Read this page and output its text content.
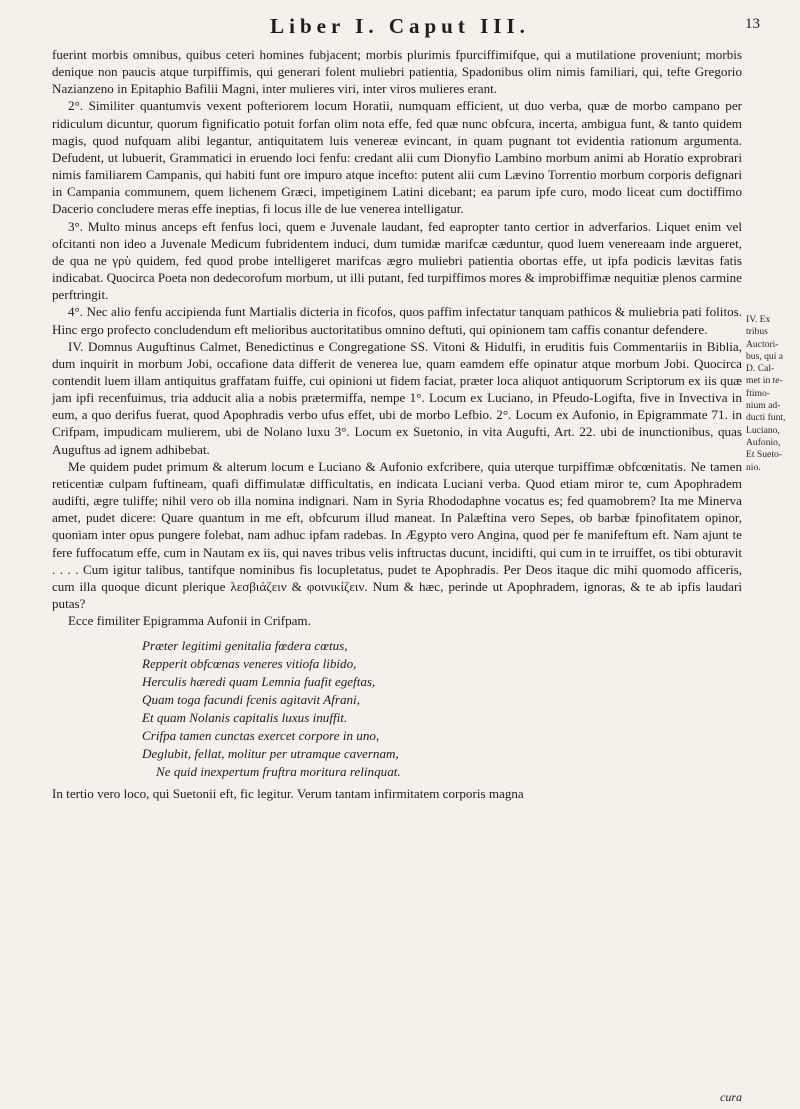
Liber I. Caput III.	13

fuerint morbis omnibus, quibus ceteri homines fubjacent; morbis plurimis fpurciffimifque, qui a mutilatione proveniunt; morbis denique non paucis atque turpiffimis, qui generari folent muliebri patientia, Spadonibus olim nimis familiari, qui, tefte Gregorio Nazianzeno in Epitaphio Bafilii Magni, inter mulieres viri, inter viros mulieres erant.

2°. Similiter quantumvis vexent pofteriorem locum Horatii, numquam efficient, ut duo verba, quæ de morbo campano per ridiculum dicuntur, quorum fignificatio potuit forfan olim nota effe, fed quæ nunc obfcura, incerta, ambigua funt, & tanto quidem magis, quod nufquam alibi legantur, antiquitatem luis venereæ evincant, in quam pugnant tot evidentia rationum argumenta. Defudent, ut lubuerit, Grammatici in eruendo loci fenfu: credant alii cum Dionyfio Lambino morbum animi ab Horatio exprobrari nimis familiarem Campanis, qui habiti funt ore impuro atque incefto: putent alii cum Lævino Torrentio morbum corporis defignari in Campania communem, quem lichenem Græci, impetiginem Latini dicebant; ea parum ipfe curo, modo liceat cum doctiffimo Dacerio concludere meras effe ineptias, fi locus ille de lue venerea intelligatur.

3°. Multo minus anceps eft fenfus loci, quem e Juvenale laudant, fed eapropter tanto certior in adverfarios. Liquet enim vel ofcitanti non ideo a Juvenale Medicum fubridentem induci, dum tumidæ marifcæ cæduntur, quod luem venereaam inde argueret, de qua ne γρὺ quidem, fed quod probe intelligeret marifcas ægro muliebri patientia obortas effe, ut ipfa podicis lævitas fatis indicabat. Quocirca Poeta non dedecorofum morbum, ut illi putant, fed turpiffimos mores & improbiffimæ nequitiæ plenos carmine perftringit.

4°. Nec alio fenfu accipienda funt Martialis dicteria in ficofos, quos paffim infectatur tanquam pathicos & muliebria pati folitos. Hinc ergo profecto concludendum eft melioribus auctoritatibus omnino deftuti, qui opinionem tam caffis conantur defendere.

IV. Domnus Auguftinus Calmet, Benedictinus e Congregatione SS. Vitoni & Hidulfi, in eruditis fuis Commentariis in Biblia, dum inquirit in morbum Jobi, occafione data differit de venerea lue, quam eamdem effe opinatur atque morbum Jobi. Quocirca contendit luem illam antiquitus graffatam fuiffe, cui opinioni ut fidem faciat, præter loca aliquot antiquorum Scriptorum ex iis quæ jam ipfi recenfuimus, tria adducit alia a nobis prætermiffa, nempe 1°. Locum ex Luciano, in Pfeudo-Logifta, five in Invectiva in eum, a quo derifus fuerat, quod Apophradis verbo ufus effet, ubi de morbo Lefbio. 2°. Locum ex Aufonio, in Epigrammate 71. in Crifpam, impudicam mulierem, ubi de Nolano luxu 3°. Locum ex Suetonio, in vita Augufti, Art. 22. ubi de inunctionibus, quas Auguftus ad ignem adhibebat.

Me quidem pudet primum & alterum locum e Luciano & Aufonio exfcribere, quia uterque turpiffimæ obfcœnitatis. Ne tamen reticentiæ culpam fuftineam, quafi diffimulatæ difficultatis, en indicata Luciani verba. Quod etiam miror te, cum Apophradem audifti, ægre tuliffe; nihil vero ob illa nomina indignari. Nam in Syria Rhododaphne vocatus es; fed quamobrem? Ita me Minerva amet, pudet dicere: Quare quantum in me eft, obfcurum illud maneat. In Palæftina vero Sepes, ob barbæ fpinofitatem opinor, quoniam inter opus pungere folebat, nam adhuc ipfam radebas. In Ægypto vero Angina, quod per fe manifeftum eft. Nam ajunt te fere fuffocatum effe, cum in Nautam ex iis, qui naves tribus velis inftructas ducunt, incidifti, qui cum in te irruiffet, os tibi obturavit . . . . Cum igitur talibus, tantifque nominibus fis locupletatus, pudet te Apophradis. Per Deos itaque dic mihi quomodo afficeris, cum illa quoque dicunt plerique λεσβιάζειν & φοινικίζειν. Num & hæc, perinde ut Apophradem, ignoras, & te ab ipfis laudari putas?

Ecce fimiliter Epigramma Aufonii in Crifpam.

Præter legitimi genitalia fœdera cœtus,
Repperit obfcœnas veneres vitiofa libido,
Herculis hæredi quam Lemnia fuafit egeftas,
Quam toga facundi fcenis agitavit Afrani,
Et quam Nolanis capitalis luxus inuffit.
Crifpa tamen cunctas exercet corpore in uno,
Deglubit, fellat, molitur per utramque cavernam,
Ne quid inexpertum fruftra moritura relinquat.

In tertio vero loco, qui Suetonii eft, fic legitur. Verum tantam infirmitatem corporis magna

IV. Ex
tribus
Auctori-
bus, qui a
D. Cal-
met in te-
ftimo-
nium ad-
ducti funt,
Luciano,
Aufonio,
Et Sueto-
nio.
cura
